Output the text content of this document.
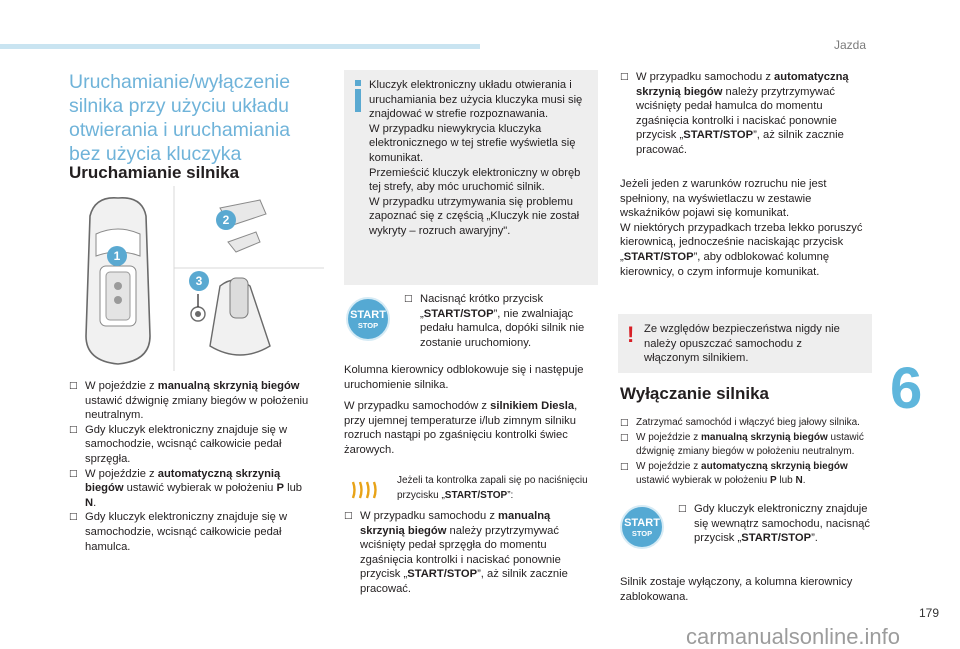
Jazda
6
179
carmanualsonline.info
Uruchamianie/wyłączenie silnika przy użyciu układu otwierania i uruchamiania bez użycia kluczyka
Uruchamianie silnika
1
2
3
□ W pojeździe z manualną skrzynią biegów ustawić dźwignię zmiany biegów w położeniu neutralnym.
□ Gdy kluczyk elektroniczny znajduje się w samochodzie, wcisnąć całkowicie pedał sprzęgła.
□ W pojeździe z automatyczną skrzynią biegów ustawić wybierak w położeniu P lub N.
□ Gdy kluczyk elektroniczny znajduje się w samochodzie, wcisnąć całkowicie pedał hamulca.
Kluczyk elektroniczny układu otwierania i uruchamiania bez użycia kluczyka musi się znajdować w strefie rozpoznawania.
W przypadku niewykrycia kluczyka elektronicznego w tej strefie wyświetla się komunikat.
Przemieścić kluczyk elektroniczny w obręb tej strefy, aby móc uruchomić silnik.
W przypadku utrzymywania się problemu zapoznać się z częścią „Kluczyk nie został wykryty – rozruch awaryjny".
START
STOP
□ Nacisnąć krótko przycisk „START/STOP”, nie zwalniając pedału hamulca, dopóki silnik nie zostanie uruchomiony.
Kolumna kierownicy odblokowuje się i następuje uruchomienie silnika.
W przypadku samochodów z silnikiem Diesla, przy ujemnej temperaturze i/lub zimnym silniku rozruch nastąpi po zgaśnięciu kontrolki świec żarowych.
Jeżeli ta kontrolka zapali się po naciśnięciu przycisku „START/STOP”:
□ W przypadku samochodu z manualną skrzynią biegów należy przytrzymywać wciśnięty pedał sprzęgła do momentu zgaśnięcia kontrolki i naciskać ponownie przycisk „START/STOP”, aż silnik zacznie pracować.
□ W przypadku samochodu z automatyczną skrzynią biegów należy przytrzymywać wciśnięty pedał hamulca do momentu zgaśnięcia kontrolki i naciskać ponownie przycisk „START/STOP”, aż silnik zacznie pracować.
Jeżeli jeden z warunków rozruchu nie jest spełniony, na wyświetlaczu w zestawie wskaźników pojawi się komunikat.
W niektórych przypadkach trzeba lekko poruszyć kierownicą, jednocześnie naciskając przycisk „START/STOP”, aby odblokować kolumnę kierownicy, o czym informuje komunikat.
! Ze względów bezpieczeństwa nigdy nie należy opuszczać samochodu z włączonym silnikiem.
Wyłączanie silnika
□ Zatrzymać samochód i włączyć bieg jałowy silnika.
□ W pojeździe z manualną skrzynią biegów ustawić dźwignię zmiany biegów w położeniu neutralnym.
□ W pojeździe z automatyczną skrzynią biegów ustawić wybierak w położeniu P lub N.
START
STOP
□ Gdy kluczyk elektroniczny znajduje się wewnątrz samochodu, nacisnąć przycisk „START/STOP”.
Silnik zostaje wyłączony, a kolumna kierownicy zablokowana.
